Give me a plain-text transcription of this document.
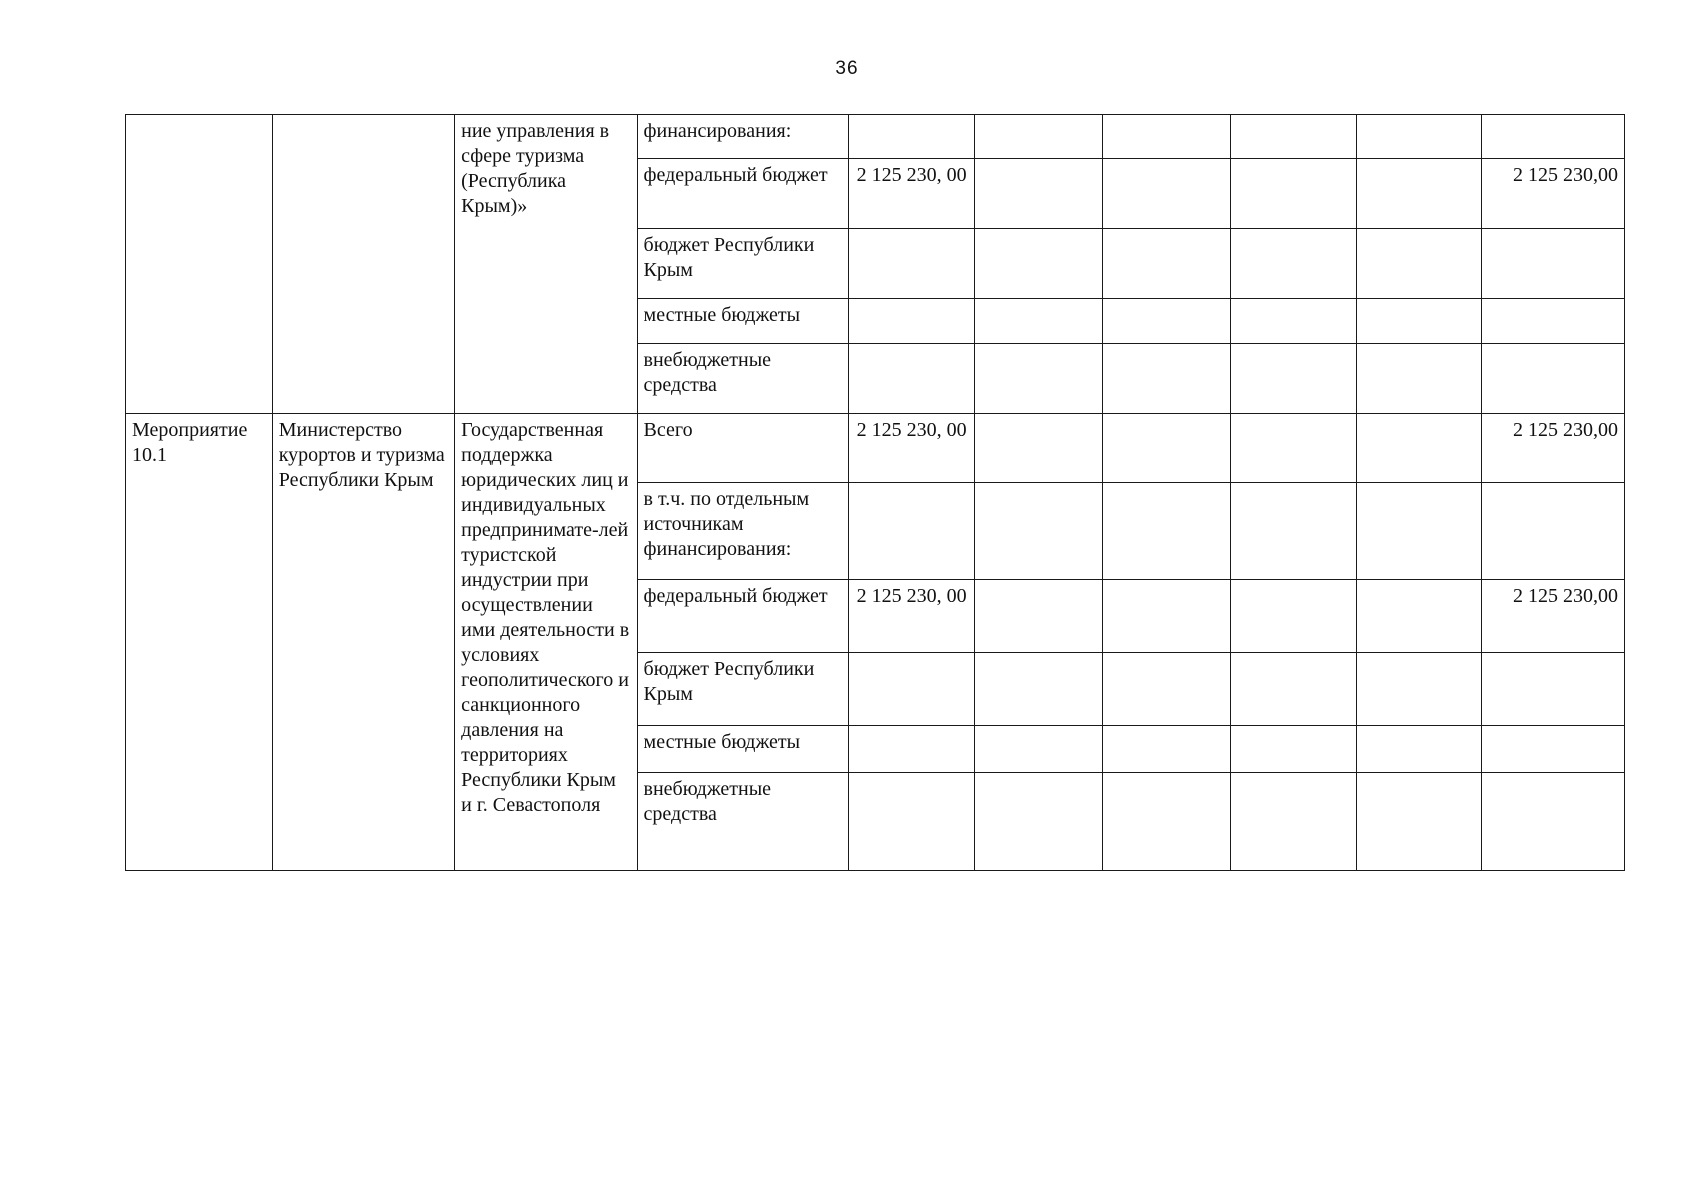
36
		ние управления в сфере туризма (Республика Крым)»	финансирования:						
			федеральный бюджет	2 125 230, 00					2 125 230,00
			бюджет Республики Крым						
			местные бюджеты						
			внебюджетные средства						
Мероприятие 10.1	Министерство курортов и туризма Республики Крым	Государственная поддержка юридических лиц и индивидуальных предпринимате-лей туристской индустрии при осуществлении ими деятельности в условиях геополитического и санкционного давления на территориях Республики Крым и г. Севастополя	Всего	2 125 230, 00					2 125 230,00
			в т.ч. по отдельным источникам финансирования:						
			федеральный бюджет	2 125 230, 00					2 125 230,00
			бюджет Республики Крым						
			местные бюджеты						
			внебюджетные средства						
